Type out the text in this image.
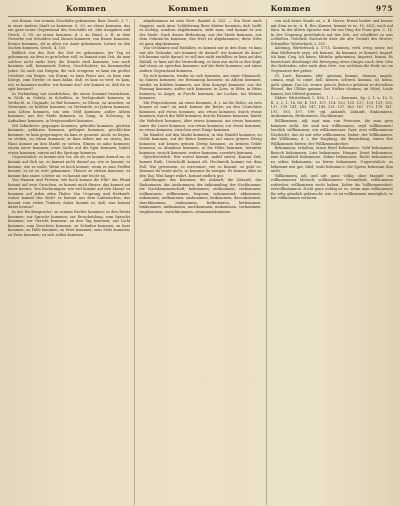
Kommen	Kommen	Kommen	975

von Einem, von seinem Geschäfte gekommen; Bair. Gesch. 2, 7 ; in einer Andern Stadt zu kommen, S. 20; zu etwas kommen, das ein ganz neuer Gegenstand des Geschäfts ist; Alte Ausgaben und Gesch. 3, 90; zu etwas kommen, d. i. zu Hand, z. B. in dem Gewerbe von Schulden und Zinsen kommen; von Hause kommen, heraus kommen, als in allen vor Amte gekommen; Lehrer zu den Sachen kommen, Gesch. 4, 105.

Bildlich von der Zeit: die Zeit ist gekommen; der Tag ist gekommen, an dem es geschehen soll; es kommt eine Zeit, da man solches nicht mehr hört; die Stunde wird kommen; was noch kommen soll; kommende Zeiten, Geschlechter; im kommenden Jahre. So auch von Dingen, die sich ereignen: es kam ein großes Gewitter, ein Regen, ein Sturm; es kam Feuer aus; es kam zum Kriege, zum Streite; es kam dahin, daß; es kam so weit; es kam, wie es kommen mußte; wie kommt das? wie kommt es, daß du so spät kommst?

In Verbindung mit Ausdrücken, die einen Zustand bezeichnen: in Noth, in Gefahr, in Schulden, in Verlegenheit kommen; in Verdacht, in Ungnade, in Ruf kommen; zu Ehren, zu Ansehen, zu Vermögen, zu Kräften kommen; zu Verstande, zu Jahren kommen; ums Leben kommen, um sein Geld kommen; außer Athem kommen; aus der Mode kommen; in Gang, in Schwung, in Aufnahme kommen; in Vergessenheit kommen.

Mit Infinitiven: gegangen kommen, gelaufen kommen, geritten kommen, gefahren kommen, geflogen kommen, geschlichen kommen; er kam gesprungen; da kam er gerannt. Auch: zu liegen, zu stehen, zu sitzen kommen; er kam neben mir zu sitzen; das Haus kommt an den Markt zu stehen. Einem zu nahe kommen; einem zuvor kommen; einer Sache auf die Spur kommen; hinter etwas kommen; einem auf die Sprünge kommen.

Unpersönlich: es kommt mir vor, als ob; es kommt darauf an; es kommt auf dich an; es kommt nicht darauf an; wie es kommt; es komme, wie es wolle. Wenn es hoch kommt; wenn es zum Treffen kommt; es ist so weit gekommen. Theuer zu stehen kommen; es kommt ihm sauer, schwer an; es kommt mir leicht an.

Von Waaren und Preisen: wie hoch kommt die Elle? das Pfund kommt auf zwei Groschen; es kommt mich theuer; das kommt auf eines heraus. Von Rechnungen: wie viel kommt auf den Mann? es kommen auf jeden zehn Thaler. Von Ursprung und Herkunft: woher kommt das Wort? es kommt aus dem Lateinischen; das kommt vom vielen Trinken; daher kommt es, daß; was kommt dabei heraus?

In der Rechtssprache: zu seinem Rechte kommen; in den Besitz kommen; zur Sprache kommen; zur Entscheidung, zum Spruche kommen; vor Gericht kommen; an den Tag kommen; ans Licht kommen; zum Vorschein kommen; zu Schaden kommen; zu kurz kommen; zu Falle kommen; zu Wort kommen; zum Ziele kommen; zu Ende kommen; zu sich selbst kommen.

abgekommen ist sein Wort. Bandel 4, 283. — Ein Wort nach Saggers, nach Anm. Schilderung Ihrer Mutter kommen, daß, heißt es nichtig, sondern abgekommen, sieht man, und kommt es aus der Mode. Nach dieser Bedeutung: aus der Mode kommen, aus dem Gebrauche kommen; das Wort ist abgekommen; diese Sitte ist ganz abgekommen.

Von Gedanken und Einfällen: es kommt mir in den Sinn; es kam mir der Gedanke; wie kommst du darauf? wie kommst du dazu? ich komme nicht darauf; es will mir nicht einfallen; er kam auf den Einfall; er kam auf die Vermuthung; es kam mir nicht in den Kopf. Auf etwas zu sprechen kommen; auf die Rede kommen; auf einen andern Gegenstand kommen.

Zu sich kommen, wieder zu sich kommen, aus einer Ohnmacht; zu Sinnen kommen; zur Besinnung kommen; zu Athem kommen; wieder zu Kräften kommen; aus dem Konzept kommen; aus der Fassung kommen; außer sich kommen; in Zorn, in Eifer, in Hitze kommen; in Angst, in Furcht kommen; ins Lachen, ins Weinen kommen.

Mit Präpositionen: an einen kommen, d. i. an die Reihe; an wen kommt es nun? an mich kommt die Reihe; an den Unrechten kommen; auf etwas kommen; aus etwas kommen; durch etwas kommen; durch die Welt kommen; durchs Examen kommen; hinter die Wahrheit kommen; über etwas kommen; um etwas kommen; unter die Leute kommen; von etwas kommen; vor etwas kommen; zu etwas kommen; zwischen zwei Dinge kommen.

Im Handel: auf den Markt kommen; in den Handel kommen; zu Gelde kommen; auf die Beine kommen; auf einen grünen Zweig kommen; auf keinen grünen Zweig kommen; zu keinem Gelde kommen; in Abnahme kommen; in die Höhe kommen; herunter kommen; zurück kommen; weiter kommen; vorwärts kommen.

Sprichwörtlich: Wer zuerst kommt, mahlt zuerst. Kommt Zeit, kommt Rath. Unverhofft kommt oft. Hochmuth kommt vor dem Fall. Wie gewonnen, so zerronnen; wie es kommt, so geht es. Kommst du heute nicht, so kommst du morgen. Es kommt alles an den Tag. Was lange währt, kommt endlich gut.

Ableitungen: das Kommen; die Ankunft; die Zukunft; das Einkommen; das Auskommen; der Ankömmling; der Nachkomme; die Nachkommenschaft; bekommen; entkommen; verkommen; vollkommen; willkommen; bequem; zukommend; abkommen, ankommen, aufkommen, auskommen, beikommen, davonkommen, durchkommen, einkommen, fortkommen, herkommen, hinkommen, mitkommen, nachkommen, umkommen, vorkommen, wegkommen, zurückkommen, zusammenkommen.

von sich keine Sünde zu, z. B. Herrn: Etwas heißer und besser mit Sinn zu er; A. B. Ber. Kommt, kommt er er; 16, 853), nach auf Sinn. In der ältern Sprache war für ein Ding die Form gen. 2, 14. In der Ursprung gewöhnlich auf das Zeit, Art schaffelst zu was schließen. Gelehrte Nachricht über die alte Gestalt des Wortes; Schmeller, Wörterbuch 2, 301.

Adelung, Wörterbuch 2, 1711: Kommen, verb. irreg. neutr. mit dem Hülfsworte seyn; ich komme, du kommst, er kommt; Imperf. ich kam; Conj. ich käme; Mittelw. gekommen; Imperat. komm. Es bezeichnet überhaupt die Bewegung eines Dinges nach dem Orte des Redenden, oder nach dem Orte, von welchem die Rede ist; im Gegensatze des gehen.

Gl. Lach. Kommen, altd. queman, kuman, choman, angels. cuman, engl. to come, holl. komen, schwed. komma, isl. koma, goth. qiman. Das lat. venire, griech. βαίνειν gehören zu derselben Wurzel. Bei Ulfilas quiman; bei Notker chomen; im Nibel. Liede komen; bei Otfried queman.

Näher: Wörterbuch 1, 836, 1. 2. — Kommen, Sp. 2, 1, a. 12, 5; R. 3, 2, 1, 16, 80; K. 101. 107, 114. 123; 125. 127; 129. 131; 133. 137; 139. 141; 143. 147; 149. 151. 157. 163. 167. 173. 179. 181. 191. 193. 197. 199; vgl. Ankunft, Zukunft, Einkommen, Auskommen, Herkommen, Nachkomme.

Willkommen, adj. sagt man von Personen, die man gern kommen sieht: Sie sind mir willkommen; seyd willkommen! herzlich willkommen; ein willkommener Gast; eine willkommene Nachricht; das ist mir sehr willkommen. Daher: der Willkommen, der Willkomm, d. i. der Empfang, die Begrüßung; einem den Willkommen bieten; der Willkommsbecher.

Bekommen, erhalten; einen Brief bekommen; Geld bekommen; Besuch bekommen; Lust bekommen; Hunger, Durst bekommen; eine Krankheit bekommen; Zähne bekommen; Recht bekommen; zu sehen bekommen; zu hören bekommen. Unpersönlich: es bekommt mir gut, übel; wohl bekomm's! die Speise bekommt ihm nicht.

Vollkommen, adj. und adv. ganz, völlig, ohne Mangel: ein vollkommener Mensch; vollkommene Gesundheit; vollkommen zufrieden; vollkommen recht haben. Daher die Vollkommenheit; vervollkommnen. Nicht ganz richtig ist es, wenn man vollkommen für sehr, gänzlich gebraucht, wie: es ist vollkommen unmöglich; er hat vollkommen verloren.
